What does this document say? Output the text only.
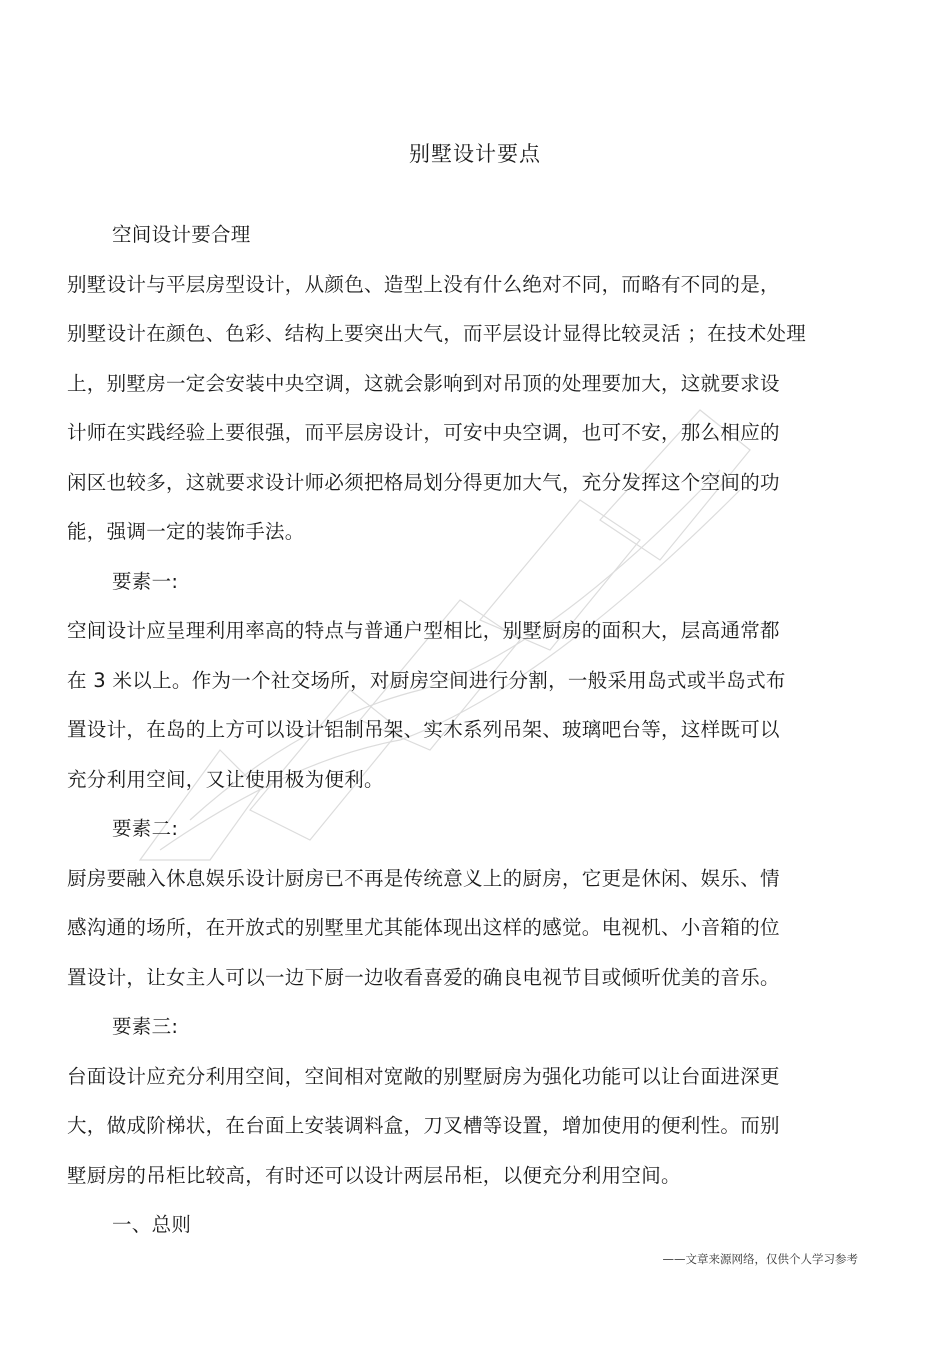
别墅设计要点
空间设计要合理
别墅设计与平层房型设计，从颜色、造型上没有什么绝对不同，而略有不同的是，
别墅设计在颜色、色彩、结构上要突出大气，而平层设计显得比较灵活 ；在技术处理
上，别墅房一定会安装中央空调，这就会影响到对吊顶的处理要加大，这就要求设
计师在实践经验上要很强，而平层房设计，可安中央空调，也可不安，那么相应的
闲区也较多，这就要求设计师必须把格局划分得更加大气，充分发挥这个空间的功
能，强调一定的装饰手法。
要素一:
空间设计应呈理利用率高的特点与普通户型相比，别墅厨房的面积大，层高通常都
在 3 米以上。作为一个社交场所，对厨房空间进行分割，一般采用岛式或半岛式布
置设计，在岛的上方可以设计铝制吊架、实木系列吊架、玻璃吧台等，这样既可以
充分利用空间，又让使用极为便利。
要素二:
厨房要融入休息娱乐设计厨房已不再是传统意义上的厨房，它更是休闲、娱乐、情
感沟通的场所，在开放式的别墅里尤其能体现出这样的感觉。电视机、小音箱的位
置设计，让女主人可以一边下厨一边收看喜爱的确良电视节目或倾听优美的音乐。
要素三:
台面设计应充分利用空间，空间相对宽敞的别墅厨房为强化功能可以让台面进深更
大，做成阶梯状，在台面上安装调料盒，刀叉槽等设置，增加使用的便利性。而别
墅厨房的吊柜比较高，有时还可以设计两层吊柜，以便充分利用空间。
一、总则
——文章来源网络，仅供个人学习参考
